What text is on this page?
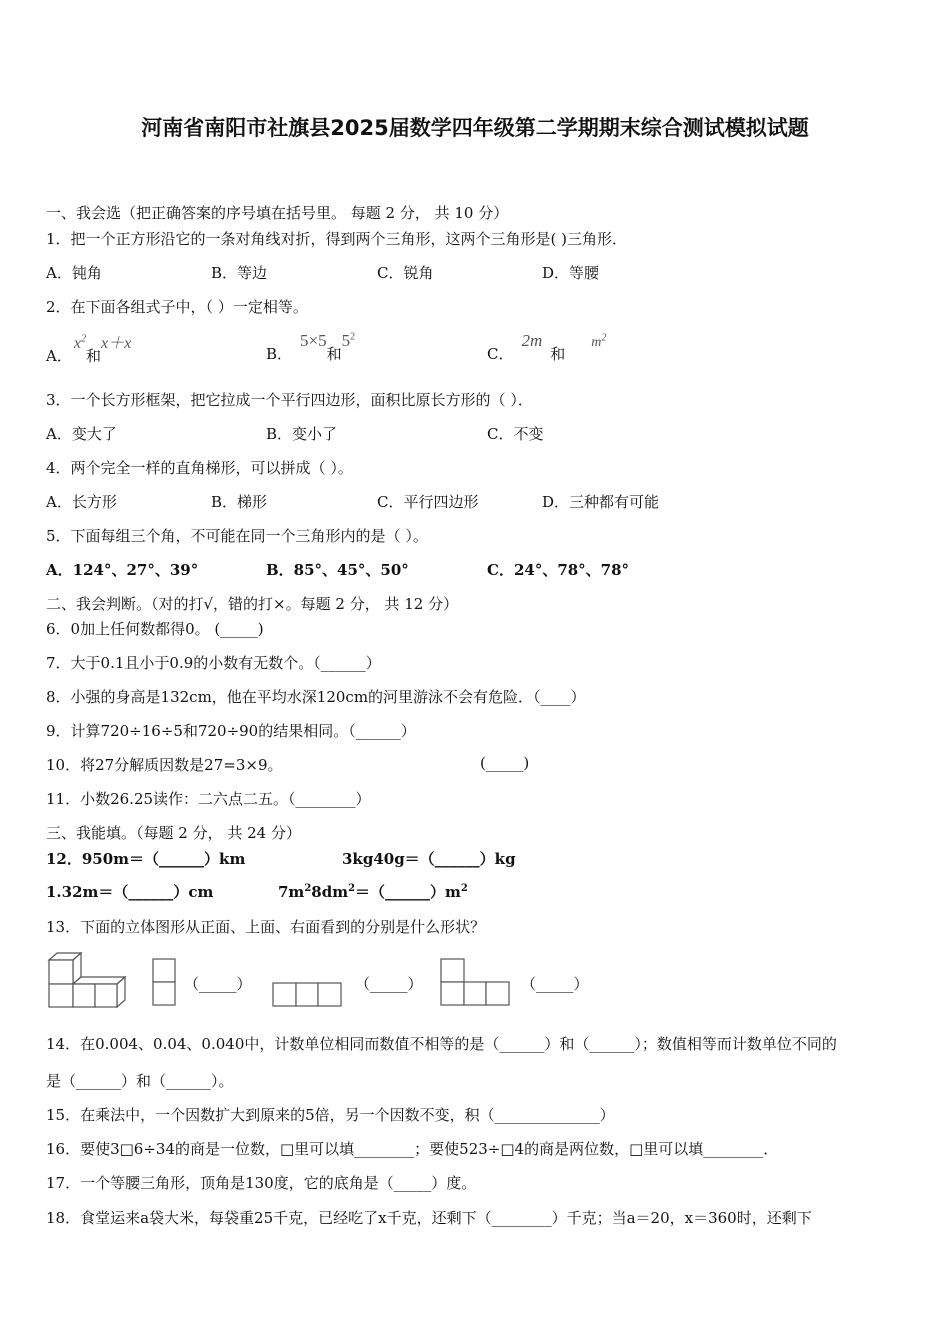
河南省南阳市社旗县2025届数学四年级第二学期期末综合测试模拟试题
一、我会选（把正确答案的序号填在括号里。 每题 2 分， 共 10 分）
1．把一个正方形沿它的一条对角线对折，得到两个三角形，这两个三角形是( )三角形．
A．钝角	B．等边	C．锐角	D．等腰
2．在下面各组式子中，（ ）一定相等。
A．$x^2$和x＋x
B．5×5和$5^2$
C．2m和$m^2$
3．一个长方形框架，把它拉成一个平行四边形，面积比原长方形的（ ）．
A．变大了	B．变小了	C．不变
4．两个完全一样的直角梯形，可以拼成（ ）。
A．长方形	B．梯形	C．平行四边形	D．三种都有可能
5．下面每组三个角，不可能在同一个三角形内的是（ ）。
A．124°、27°、39°	B．85°、45°、50°	C．24°、78°、78°
二、我会判断。（对的打√，错的打×。每题 2 分， 共 12 分）
6．0加上任何数都得0。 (_____)
7．大于0.1且小于0.9的小数有无数个。（______）
8．小强的身高是132cm，他在平均水深120cm的河里游泳不会有危险．（____）
9．计算720÷16÷5和720÷90的结果相同。（______）
10．将27分解质因数是27=3×9。	(_____)
11．小数26.25读作：二六点二五。（________）
三、我能填。（每题 2 分， 共 24 分）
12．950m＝（______）km	3kg40g＝（______）kg
1.32m＝（______）cm	$7m^28dm^2=(\_\_\_\_\_\_)m^2$
13．下面的立体图形从正面、上面、右面看到的分别是什么形状？
（_____）	（_____）	（_____）
14．在0.004、0.04、0.040中，计数单位相同而数值不相等的是（______）和（______）；数值相等而计数单位不同的
是（______）和（______）。
15．在乘法中，一个因数扩大到原来的5倍，另一个因数不变，积（______________）
16．要使3□6÷34的商是一位数，□里可以填________；要使523÷□4的商是两位数，□里可以填________．
17．一个等腰三角形，顶角是130度，它的底角是（_____）度。
18．食堂运来a袋大米，每袋重25千克，已经吃了x千克，还剩下（________）千克；当a＝20，x＝360时，还剩下
